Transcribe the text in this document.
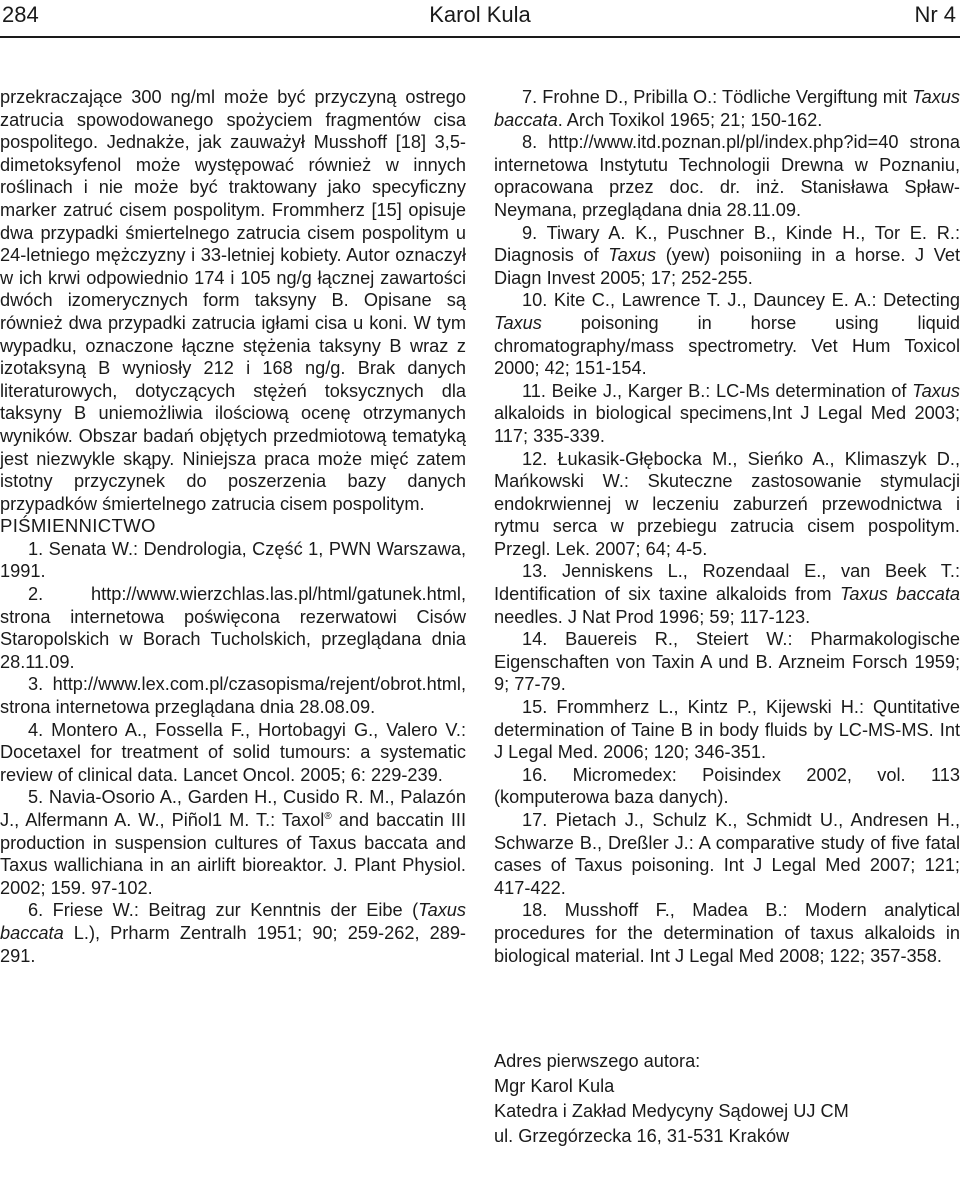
Karol Kula
284	Nr 4

przekraczające 300 ng/ml może być przyczyną ostrego zatrucia spowodowanego spożyciem fragmentów cisa pospolitego. Jednakże, jak zauważył Musshoff [18] 3,5-dimetoksyfenol może występować również w innych roślinach i nie może być traktowany jako specyficzny marker zatruć cisem pospolitym. Frommherz [15] opisuje dwa przypadki śmiertelnego zatrucia cisem pospolitym u 24-letniego mężczyzny i 33-letniej kobiety. Autor oznaczył w ich krwi odpowiednio 174 i 105 ng/g łącznej zawartości dwóch izomerycznych form taksyny B. Opisane są również dwa przypadki zatrucia igłami cisa u koni. W tym wypadku, oznaczone łączne stężenia taksyny B wraz z izotaksyną B wyniosły 212 i 168 ng/g. Brak danych literaturowych, dotyczących stężeń toksycznych dla taksyny B uniemożliwia ilościową ocenę otrzymanych wyników. Obszar badań objętych przedmiotową tematyką jest niezwykle skąpy. Niniejsza praca może mięć zatem istotny przyczynek do poszerzenia bazy danych przypadków śmiertelnego zatrucia cisem pospolitym.

PIŚMIENNICTWO

1. Senata W.: Dendrologia, Część 1, PWN Warszawa, 1991.

2. http://www.wierzchlas.las.pl/html/gatunek.html, strona internetowa poświęcona rezerwatowi Cisów Staropolskich w Borach Tucholskich, przeglądana dnia 28.11.09.

3. http://www.lex.com.pl/czasopisma/rejent/obrot.html, strona internetowa przeglądana dnia 28.08.09.

4. Montero A., Fossella F., Hortobagyi G., Valero V.: Docetaxel for treatment of solid tumours: a systematic review of clinical data. Lancet Oncol. 2005; 6: 229-239.

5. Navia-Osorio A., Garden H., Cusido R. M., Palazón J., Alfermann A. W., Piñol1 M. T.: Taxol® and baccatin III production in suspension cultures of Taxus baccata and Taxus wallichiana in an airlift bioreaktor. J. Plant Physiol. 2002; 159. 97-102.

6. Friese W.: Beitrag zur Kenntnis der Eibe (Taxus baccata L.), Prharm Zentralh 1951; 90; 259-262, 289-291.

7. Frohne D., Pribilla O.: Tödliche Vergiftung mit Taxus baccata. Arch Toxikol 1965; 21; 150-162.

8. http://www.itd.poznan.pl/pl/index.php?id=40 strona internetowa Instytutu Technologii Drewna w Poznaniu, opracowana przez doc. dr. inż. Stanisława Spław-Neymana, przeglądana dnia 28.11.09.

9. Tiwary A. K., Puschner B., Kinde H., Tor E. R.: Diagnosis of Taxus (yew) poisoniing in a horse. J Vet Diagn Invest 2005; 17; 252-255.

10. Kite C., Lawrence T. J., Dauncey E. A.: Detecting Taxus poisoning in horse using liquid chromatography/mass spectrometry. Vet Hum Toxicol 2000; 42; 151-154.

11. Beike J., Karger B.: LC-Ms determination of Taxus alkaloids in biological specimens,Int J Legal Med 2003; 117; 335-339.

12. Łukasik-Głębocka M., Sieńko A., Klimaszyk D., Mańkowski W.: Skuteczne zastosowanie stymulacji endokrwiennej w leczeniu zaburzeń przewodnictwa i rytmu serca w przebiegu zatrucia cisem pospolitym. Przegl. Lek. 2007; 64; 4-5.

13. Jenniskens L., Rozendaal E., van Beek T.: Identification of six taxine alkaloids from Taxus baccata needles. J Nat Prod 1996; 59; 117-123.

14. Bauereis R., Steiert W.: Pharmakologische Eigenschaften von Taxin A und B. Arzneim Forsch 1959; 9; 77-79.

15. Frommherz L., Kintz P., Kijewski H.: Quntitative determination of Taine B in body fluids by LC-MS-MS. Int J Legal Med. 2006; 120; 346-351.

16. Micromedex: Poisindex 2002, vol. 113 (komputerowa baza danych).

17. Pietach J., Schulz K., Schmidt U., Andresen H., Schwarze B., Dreßler J.: A comparative study of five fatal cases of Taxus poisoning. Int J Legal Med 2007; 121; 417-422.

18. Musshoff F., Madea B.: Modern analytical procedures for the determination of taxus alkaloids in biological material. Int J Legal Med 2008; 122; 357-358.

Adres pierwszego autora:
Mgr Karol Kula
Katedra i Zakład Medycyny Sądowej UJ CM
ul. Grzegórzecka 16, 31-531 Kraków
